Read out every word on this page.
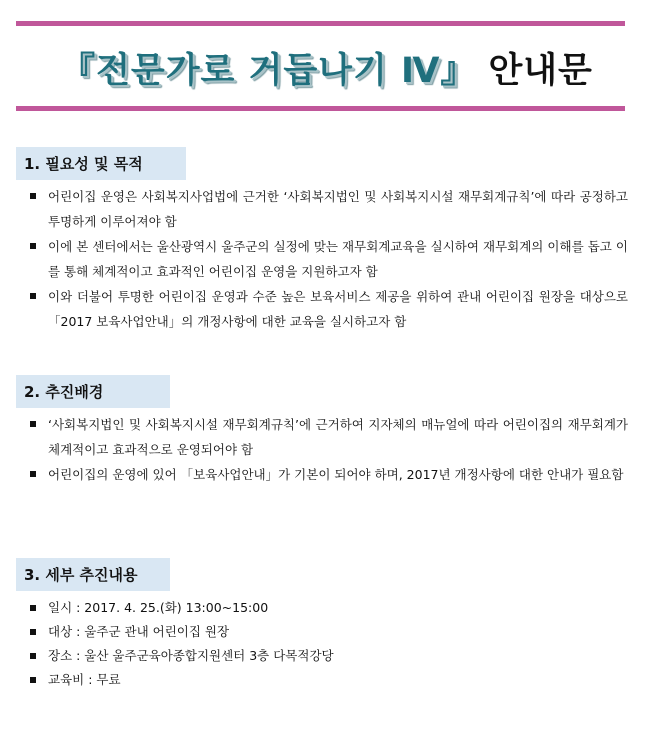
『전문가로 거듭나기 Ⅳ』 안내문
1. 필요성 및 목적
어린이집 운영은 사회복지사업법에 근거한 ‘사회복지법인 및 사회복지시설 재무회계규칙’에 따라 공정하고 투명하게 이루어져야 함
이에 본 센터에서는 울산광역시 울주군의 실정에 맞는 재무회계교육을 실시하여 재무회계의 이해를 돕고 이를 통해 체계적이고 효과적인 어린이집 운영을 지원하고자 함
이와 더불어 투명한 어린이집 운영과 수준 높은 보육서비스 제공을 위하여 관내 어린이집 원장을 대상으로 「2017 보육사업안내」의 개정사항에 대한 교육을 실시하고자 함
2. 추진배경
‘사회복지법인 및 사회복지시설 재무회계규칙’에 근거하여 지자체의 매뉴얼에 따라 어린이집의 재무회계가 체계적이고 효과적으로 운영되어야 함
어린이집의 운영에 있어 「보육사업안내」가 기본이 되어야 하며, 2017년 개정사항에 대한 안내가 필요함
3. 세부 추진내용
일시 : 2017. 4. 25.(화) 13:00~15:00
대상 : 울주군 관내 어린이집 원장
장소 : 울산 울주군육아종합지원센터 3층 다목적강당
교육비 : 무료
